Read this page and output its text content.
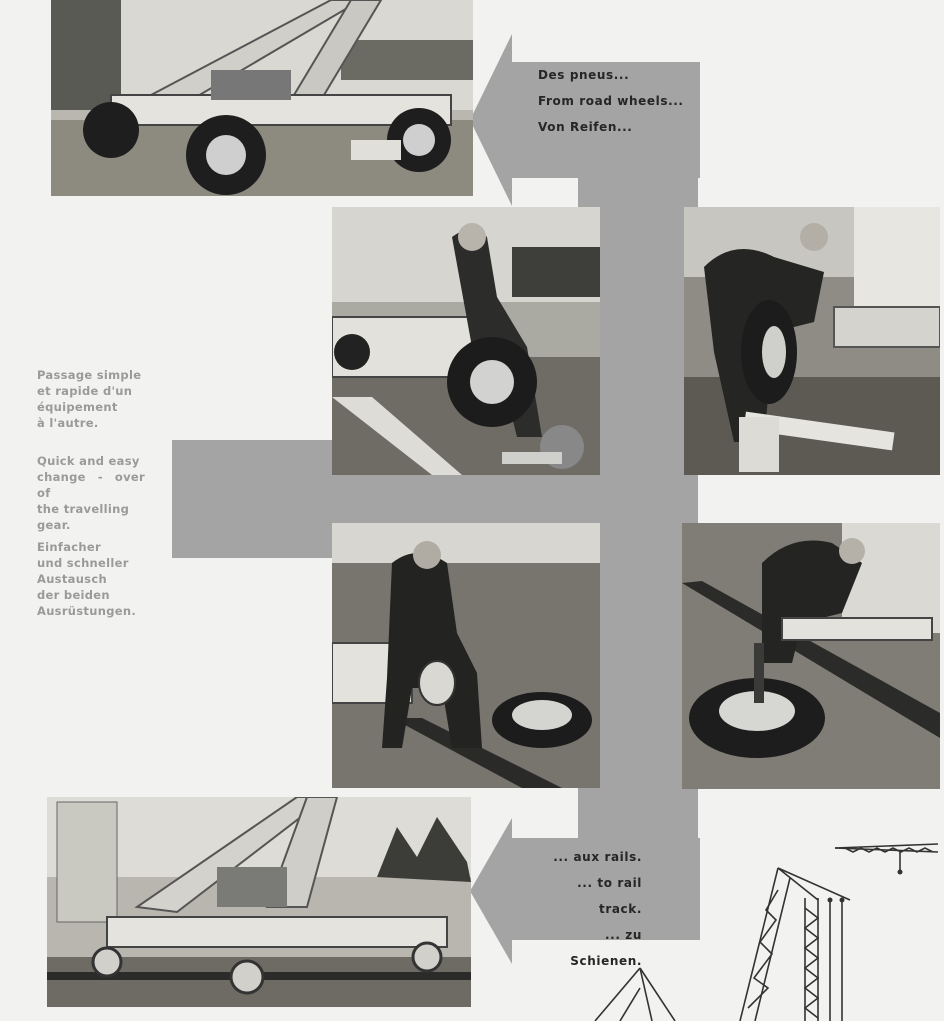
Des pneus...
From road wheels...
Von Reifen...
... aux rails.
... to rail track.
... zu Schienen.
Passage simple
et rapide d'un
équipement
à l'autre.
Quick and easy
change - over of
the travelling
gear.
Einfacher
und schneller
Austausch
der beiden
Ausrüstungen.
